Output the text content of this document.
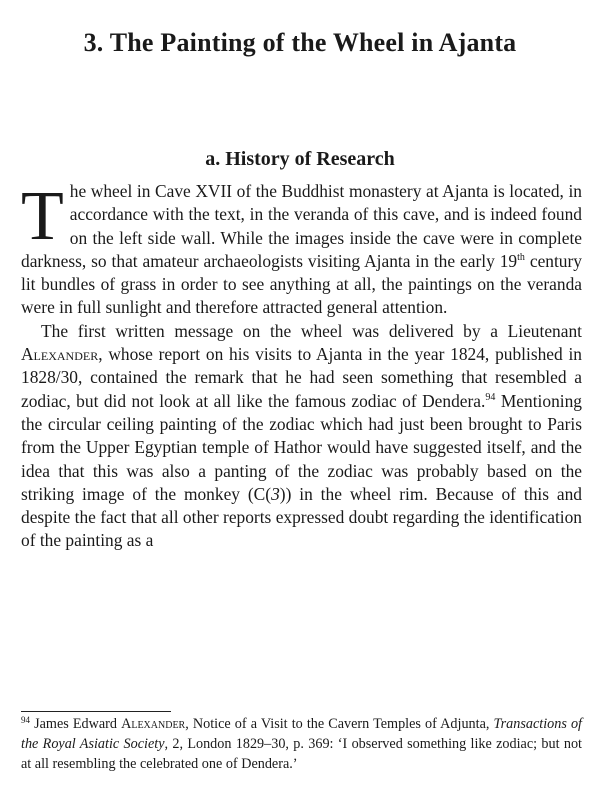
3. The Painting of the Wheel in Ajanta
a. History of Research

The wheel in Cave XVII of the Buddhist monastery at Ajanta is located, in accordance with the text, in the veranda of this cave, and is indeed found on the left side wall. While the images inside the cave were in complete darkness, so that amateur archaeologists visiting Ajanta in the early 19th century lit bundles of grass in order to see anything at all, the paintings on the veranda were in full sunlight and therefore attracted general attention.

The first written message on the wheel was delivered by a Lieutenant Alexander, whose report on his visits to Ajanta in the year 1824, published in 1828/30, contained the remark that he had seen something that resembled a zodiac, but did not look at all like the famous zodiac of Dendera.$^{94}$ Mentioning the circular ceiling painting of the zodiac which had just been brought to Paris from the Upper Egyptian temple of Hathor would have suggested itself, and the idea that this was also a panting of the zodiac was probably based on the striking image of the monkey (C(3)) in the wheel rim. Because of this and despite the fact that all other reports expressed doubt regarding the identification of the painting as a

$^{94}$ James Edward Alexander, Notice of a Visit to the Cavern Temples of Adjunta, Transactions of the Royal Asiatic Society, 2, London 1829–30, p. 369: ‘I observed something like zodiac; but not at all resembling the celebrated one of Dendera.’
